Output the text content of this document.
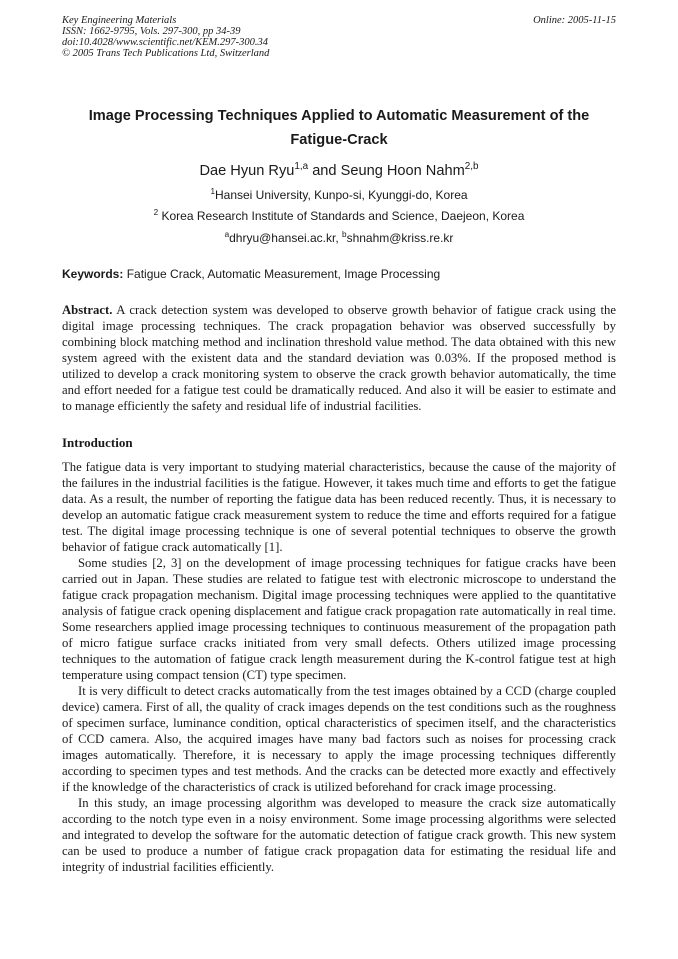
Key Engineering Materials
ISSN: 1662-9795, Vols. 297-300, pp 34-39
doi:10.4028/www.scientific.net/KEM.297-300.34
© 2005 Trans Tech Publications Ltd, Switzerland
Online: 2005-11-15
Image Processing Techniques Applied to Automatic Measurement of the Fatigue-Crack
Dae Hyun Ryu$^{1,a}$ and Seung Hoon Nahm$^{2,b}$
$^1$Hansei University, Kunpo-si, Kyunggi-do, Korea
$^2$ Korea Research Institute of Standards and Science, Daejeon, Korea
$^a$dhryu@hansei.ac.kr, $^b$shnahm@kriss.re.kr
Keywords: Fatigue Crack, Automatic Measurement, Image Processing
Abstract. A crack detection system was developed to observe growth behavior of fatigue crack using the digital image processing techniques. The crack propagation behavior was observed successfully by combining block matching method and inclination threshold value method. The data obtained with this new system agreed with the existent data and the standard deviation was 0.03%. If the proposed method is utilized to develop a crack monitoring system to observe the crack growth behavior automatically, the time and effort needed for a fatigue test could be dramatically reduced. And also it will be easier to estimate and to manage efficiently the safety and residual life of industrial facilities.
Introduction

The fatigue data is very important to studying material characteristics, because the cause of the majority of the failures in the industrial facilities is the fatigue. However, it takes much time and efforts to get the fatigue data. As a result, the number of reporting the fatigue data has been reduced recently. Thus, it is necessary to develop an automatic fatigue crack measurement system to reduce the time and efforts required for a fatigue test. The digital image processing technique is one of several potential techniques to observe the growth behavior of fatigue crack automatically [1].

Some studies [2, 3] on the development of image processing techniques for fatigue cracks have been carried out in Japan. These studies are related to fatigue test with electronic microscope to understand the fatigue crack propagation mechanism. Digital image processing techniques were applied to the quantitative analysis of fatigue crack opening displacement and fatigue crack propagation rate automatically in real time. Some researchers applied image processing techniques to continuous measurement of the propagation path of micro fatigue surface cracks initiated from very small defects. Others utilized image processing techniques to the automation of fatigue crack length measurement during the K-control fatigue test at high temperature using compact tension (CT) type specimen.

It is very difficult to detect cracks automatically from the test images obtained by a CCD (charge coupled device) camera. First of all, the quality of crack images depends on the test conditions such as the roughness of specimen surface, luminance condition, optical characteristics of specimen itself, and the characteristics of CCD camera. Also, the acquired images have many bad factors such as noises for processing crack images automatically. Therefore, it is necessary to apply the image processing techniques differently according to specimen types and test methods. And the cracks can be detected more exactly and effectively if the knowledge of the characteristics of crack is utilized beforehand for crack image processing.

In this study, an image processing algorithm was developed to measure the crack size automatically according to the notch type even in a noisy environment. Some image processing algorithms were selected and integrated to develop the software for the automatic detection of fatigue crack growth. This new system can be used to produce a number of fatigue crack propagation data for estimating the residual life and integrity of industrial facilities efficiently.
